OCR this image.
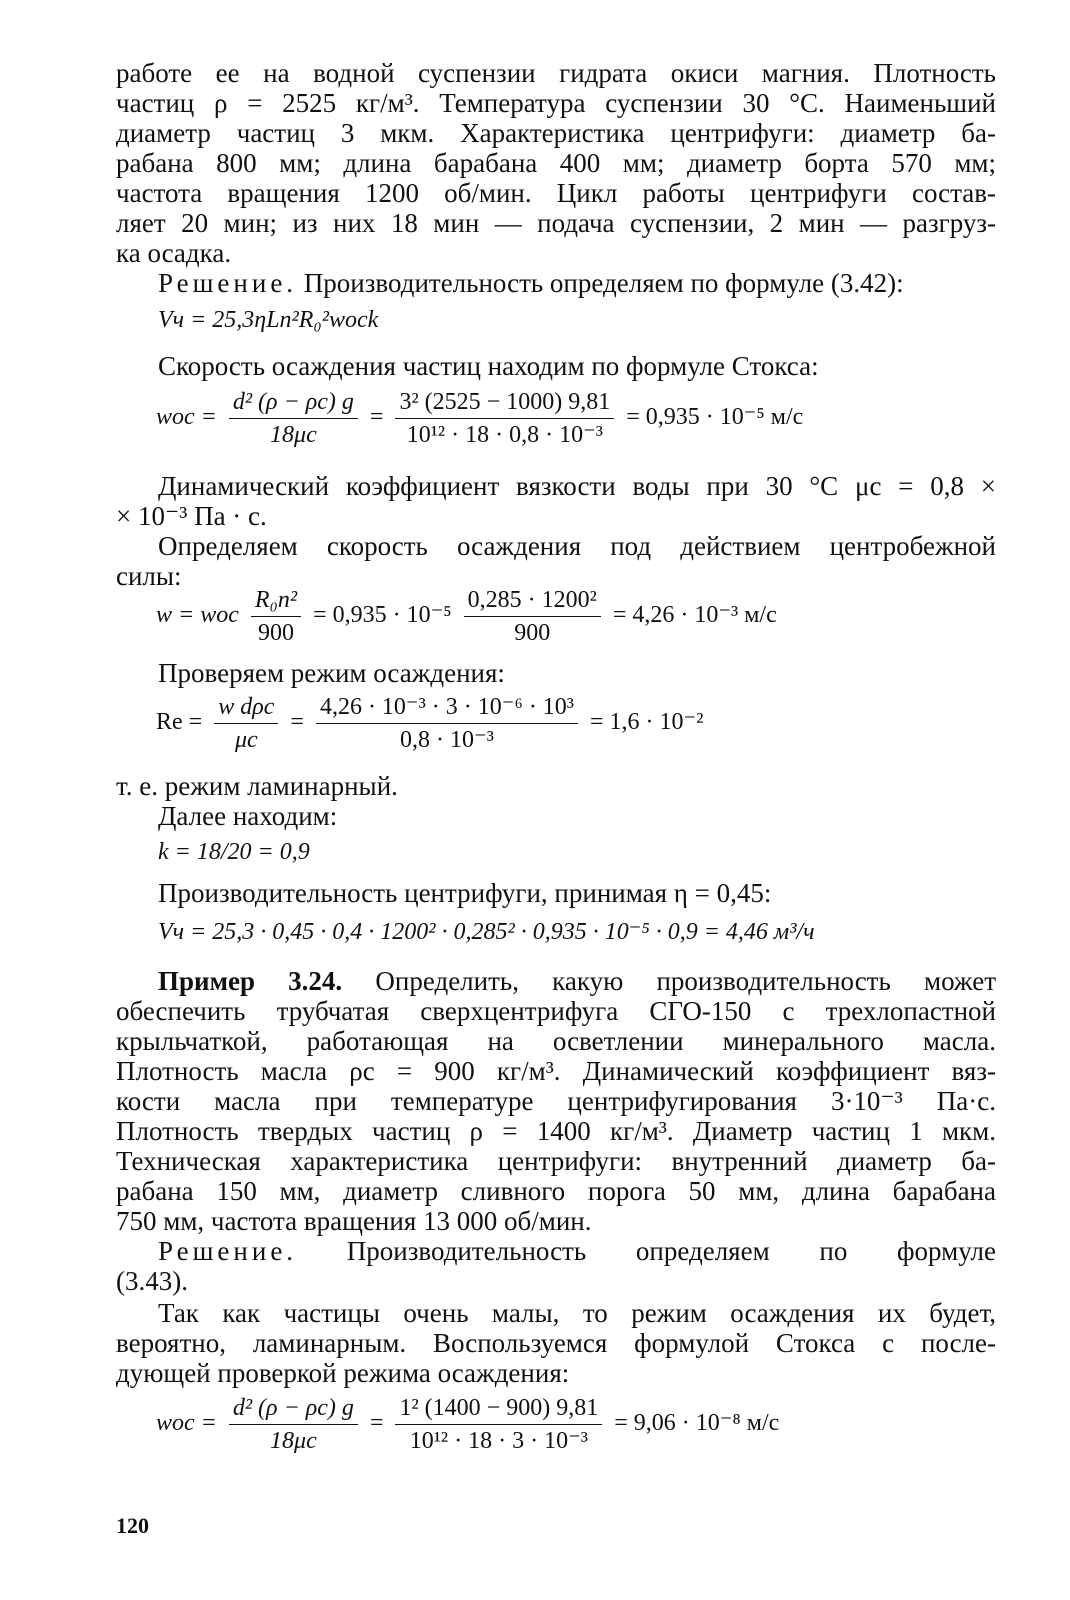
работе ее на водной суспензии гидрата окиси магния. Плотность
частиц ρ = 2525 кг/м³. Температура суспензии 30 °С. Наименьший
диаметр частиц 3 мкм. Характеристика центрифуги: диаметр ба-
рабана 800 мм; длина барабана 400 мм; диаметр борта 570 мм;
частота вращения 1200 об/мин. Цикл работы центрифуги состав-
ляет 20 мин; из них 18 мин — подача суспензии, 2 мин — разгруз-
ка осадка.
Решение. Производительность определяем по формуле (3.42):
Vч = 25,3ηLn²R₀²wосk
Скорость осаждения частиц находим по формуле Стокса:
wос = $\frac{\text{d² (ρ − ρс) g}}{18\mu с} = \frac{\text{3² (2525 − 1000) 9,81}}{\text{10¹² · 18 · 0,8 · 10⁻³}} = 0,935 \cdot 10^{-5}$ м/с
Динамический коэффициент вязкости воды при 30 °С μс = 0,8 ×
× 10⁻³ Па · с.
Определяем скорость осаждения под действием центробежной
силы:
w = wос $\frac{\text{R₀n²}}{900} = 0,935 \cdot 10^{-5} \frac{\text{0,285 · 1200²}}{900} = 4,26 \cdot 10^{-3}$ м/с
Проверяем режим осаждения:
$Re = \frac{\text{w dρс}}{\mu с} = \frac{\text{4,26 · 10⁻³ · 3 · 10⁻⁶ · 10³}}{\text{0,8 · 10⁻³}} = 1,6 \cdot 10^{-2}$
т. е. режим ламинарный.
Далее находим:
k = 18/20 = 0,9
Производительность центрифуги, принимая η = 0,45:
Vч = 25,3 · 0,45 · 0,4 · 1200² · 0,285² · 0,935 · 10⁻⁵ · 0,9 = 4,46 м³/ч
Пример 3.24. Определить, какую производительность может
обеспечить трубчатая сверхцентрифуга СГО-150 с трехлопастной
крыльчаткой, работающая на осветлении минерального масла.
Плотность масла ρс = 900 кг/м³. Динамический коэффициент вяз-
кости масла при температуре центрифугирования 3·10⁻³ Па·с.
Плотность твердых частиц ρ = 1400 кг/м³. Диаметр частиц 1 мкм.
Техническая характеристика центрифуги: внутренний диаметр ба-
рабана 150 мм, диаметр сливного порога 50 мм, длина барабана
750 мм, частота вращения 13 000 об/мин.
Решение. Производительность определяем по формуле
(3.43).
Так как частицы очень малы, то режим осаждения их будет,
вероятно, ламинарным. Воспользуемся формулой Стокса с после-
дующей проверкой режима осаждения:
wос = $\frac{\text{d² (ρ − ρс) g}}{18\mu с} = \frac{\text{1² (1400 − 900) 9,81}}{\text{10¹² · 18 · 3 · 10⁻³}} = 9,06 \cdot 10^{-8}$ м/с
120
